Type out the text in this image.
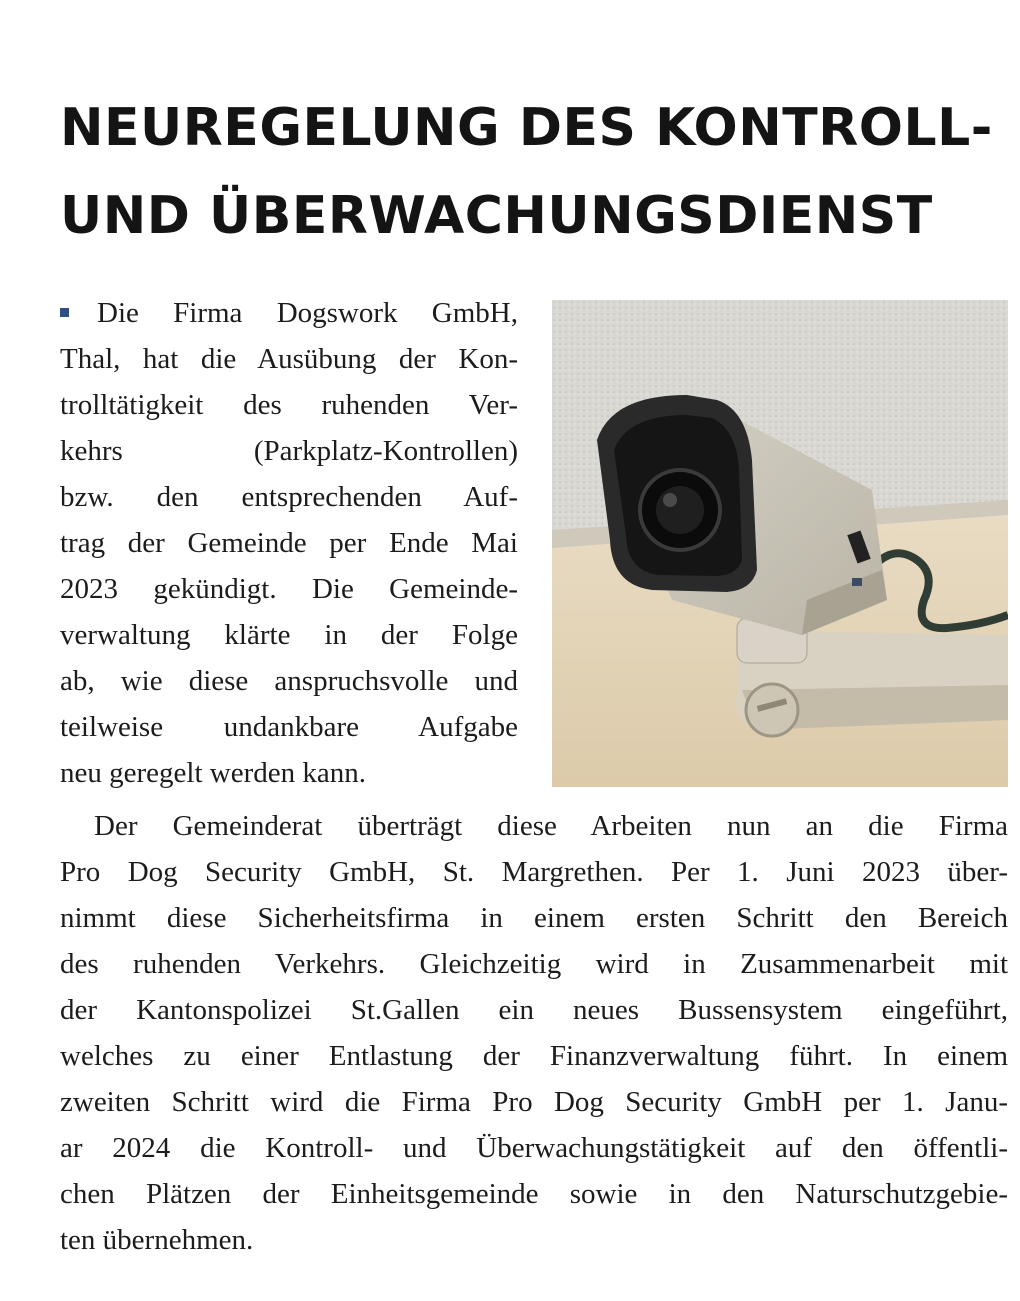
NEUREGELUNG DES KONTROLL-
UND ÜBERWACHUNGSDIENST
Die Firma Dogswork GmbH,
Thal, hat die Ausübung der Kon-
trolltätigkeit des ruhenden Ver-
kehrs (Parkplatz-Kontrollen)
bzw. den entsprechenden Auf-
trag der Gemeinde per Ende Mai
2023 gekündigt. Die Gemeinde-
verwaltung klärte in der Folge
ab, wie diese anspruchsvolle und
teilweise undankbare Aufgabe
neu geregelt werden kann.
Der Gemeinderat überträgt diese Arbeiten nun an die Firma
Pro Dog Security GmbH, St. Margrethen. Per 1. Juni 2023 über-
nimmt diese Sicherheitsfirma in einem ersten Schritt den Bereich
des ruhenden Verkehrs. Gleichzeitig wird in Zusammenarbeit mit
der Kantonspolizei St.Gallen ein neues Bussensystem eingeführt,
welches zu einer Entlastung der Finanzverwaltung führt. In einem
zweiten Schritt wird die Firma Pro Dog Security GmbH per 1. Janu-
ar 2024 die Kontroll- und Überwachungstätigkeit auf den öffentli-
chen Plätzen der Einheitsgemeinde sowie in den Naturschutzgebie-
ten übernehmen.
